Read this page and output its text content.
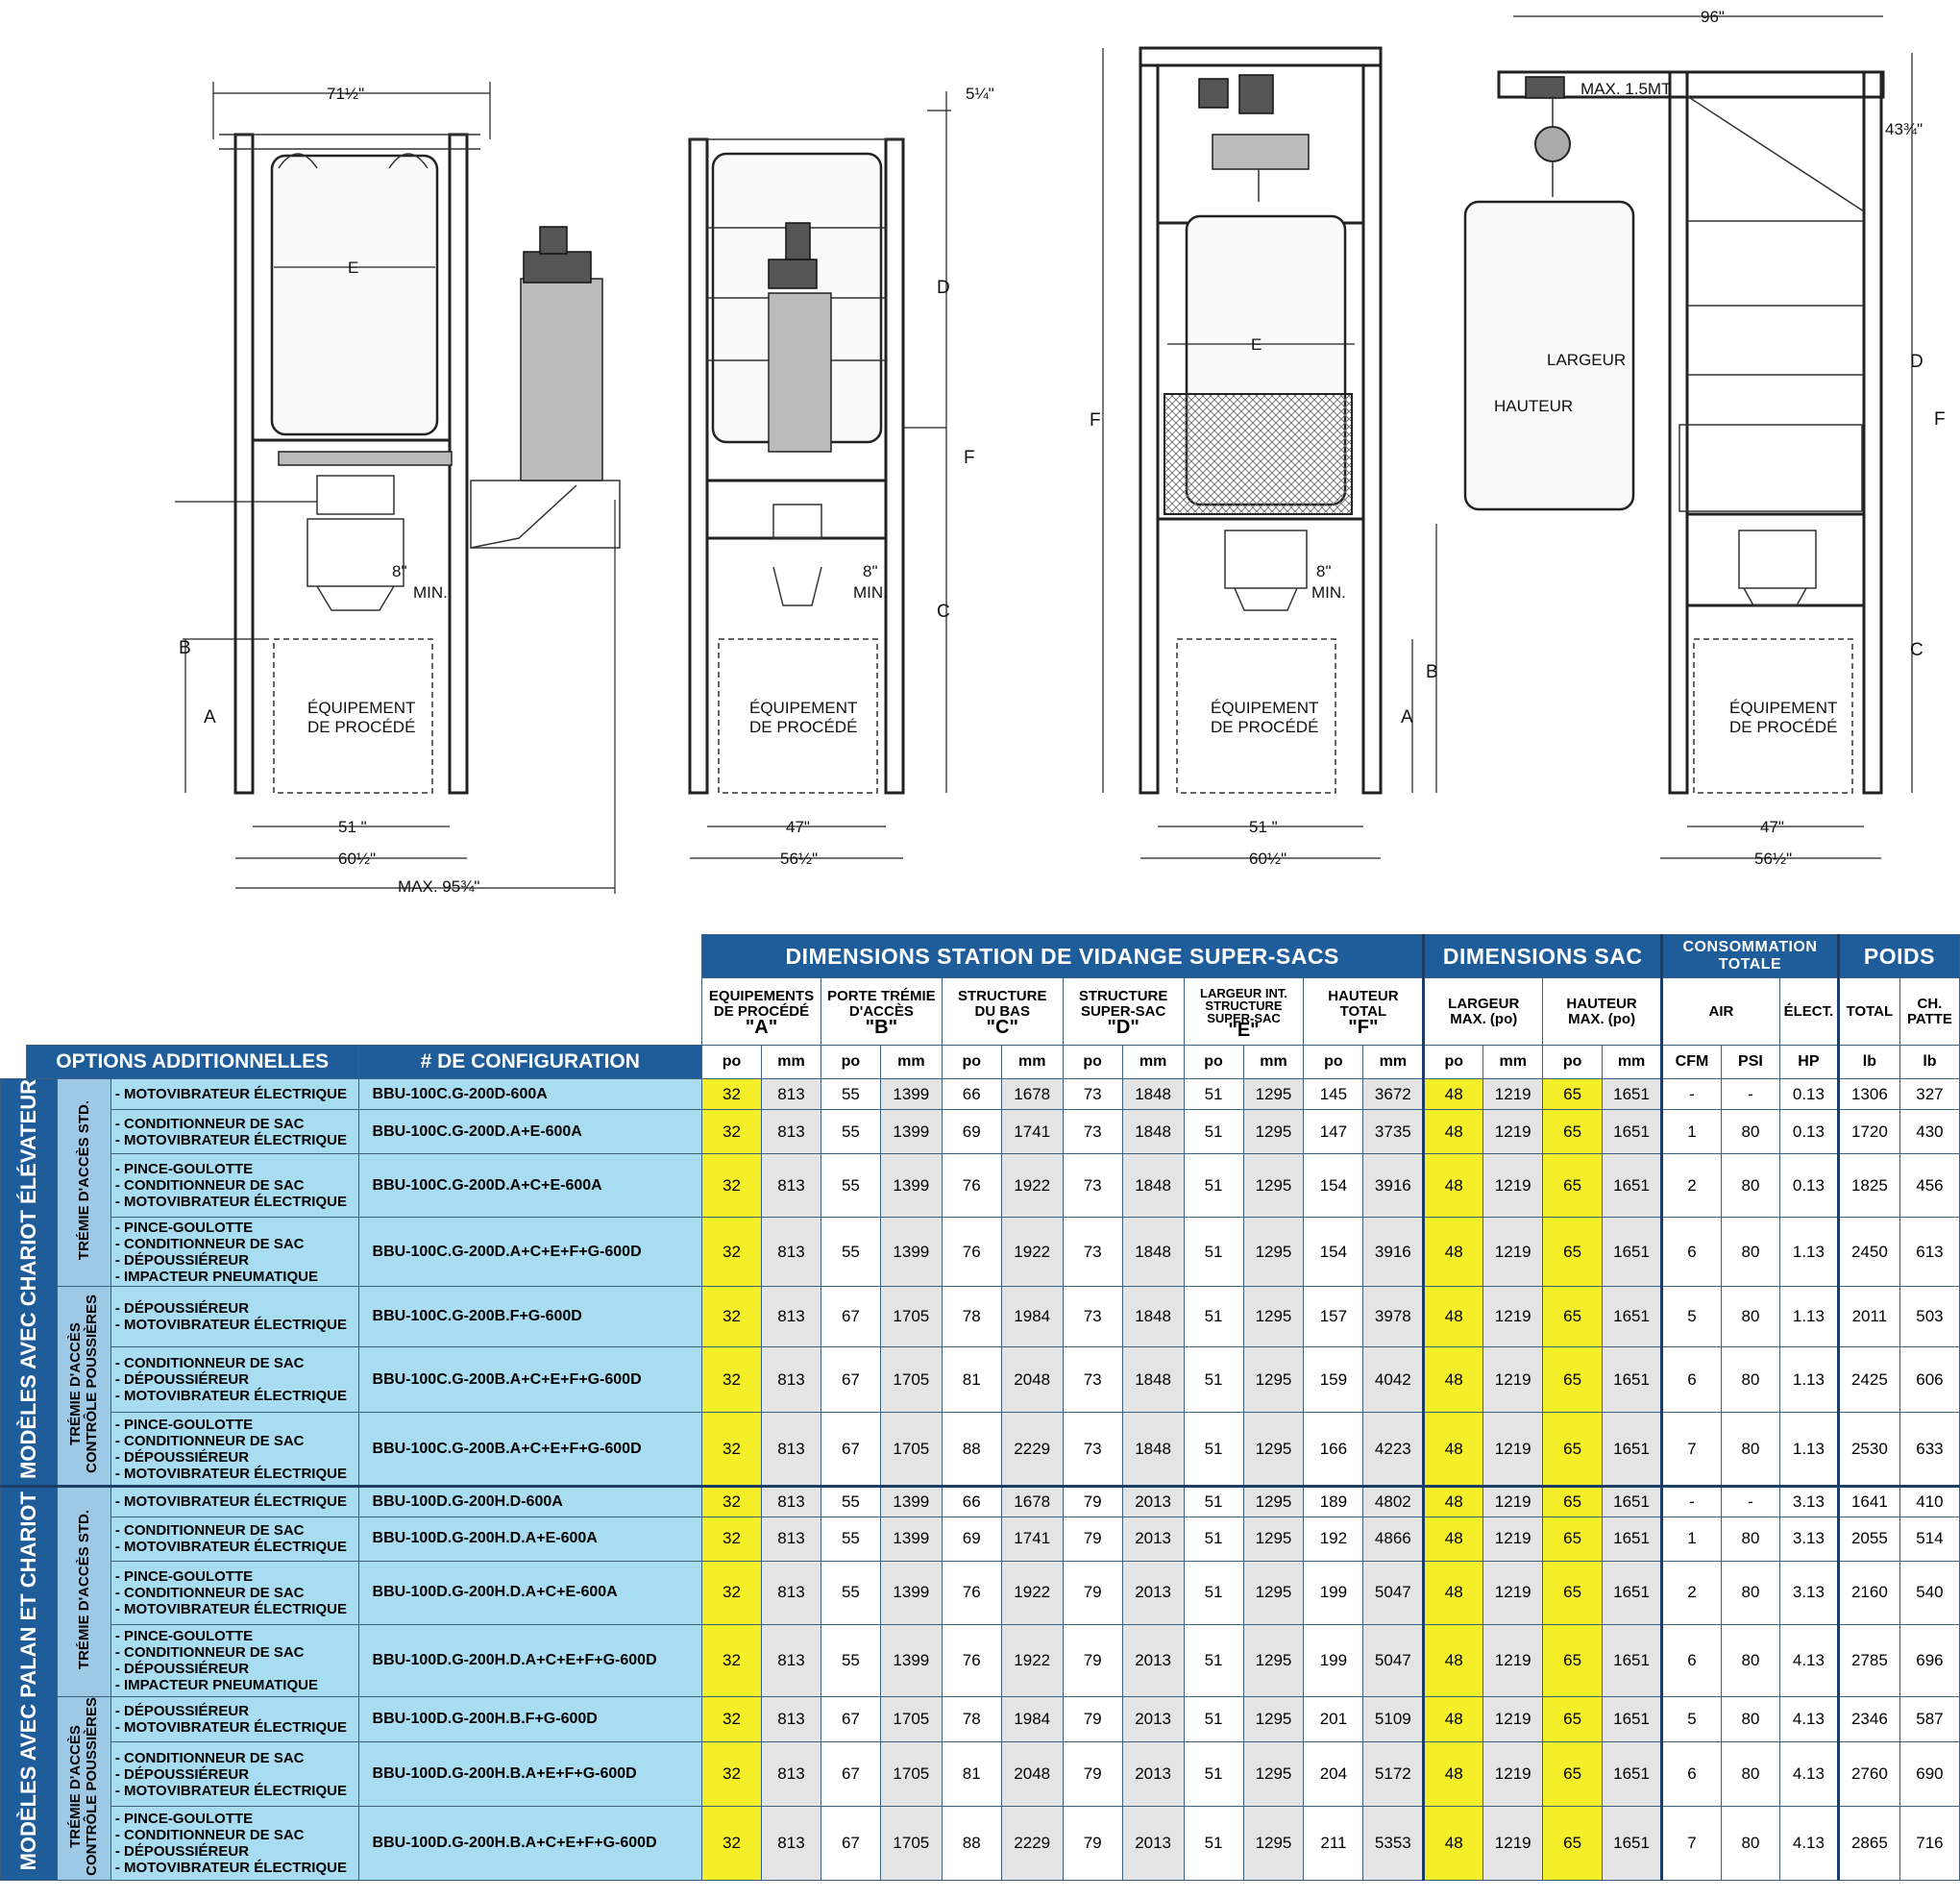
71½"
E
8"
MIN.
ÉQUIPEMENT
DE PROCÉDÉ
A
B
51 "
60½"
MAX. 95¾"
5¼"
8"
MIN.
D
F
C
ÉQUIPEMENT
DE PROCÉDÉ
47"
56½"
E
8"
MIN.
F
ÉQUIPEMENT
DE PROCÉDÉ	A
B
51 "
60½"
96"
MAX. 1.5MT
LARGEUR
HAUTEUR
43¾"
D
F
C
ÉQUIPEMENT
DE PROCÉDÉ
47"
56½"
					DIMENSIONS STATION DE VIDANGE SUPER-SACS												DIMENSIONS SAC				CONSOMMATION TOTALE			POIDS	
					EQUIPEMENTS
DE PROCÉDÉ
"A"		PORTE TRÉMIE
D'ACCÈS
"B"		STRUCTURE
DU BAS
"C"		STRUCTURE
SUPER-SAC
"D"		LARGEUR INT.
STRUCTURE
SUPER-SAC
"E"		HAUTEUR
TOTAL
"F"		LARGEUR
MAX. (po)		HAUTEUR
MAX. (po)		AIR		ÉLECT.	TOTAL	CH.
PATTE
	OPTIONS ADDITIONNELLES			# DE CONFIGURATION	po	mm	po	mm	po	mm	po	mm	po	mm	po	mm	po	mm	po	mm	CFM	PSI	HP	lb	lb
MODÈLES AVEC CHARIOT ÉLÉVATEUR		TRÉMIE D'ACCÈS STD.	- MOTOVIBRATEUR ÉLECTRIQUE	BBU-100C.G-200D-600A	32	813	55	1399	66	1678	73	1848	51	1295	145	3672	48	1219	65	1651	-	-	0.13	1306	327
			- CONDITIONNEUR DE SAC
- MOTOVIBRATEUR ÉLECTRIQUE	BBU-100C.G-200D.A+E-600A	32	813	55	1399	69	1741	73	1848	51	1295	147	3735	48	1219	65	1651	1	80	0.13	1720	430
			- PINCE-GOULOTTE
- CONDITIONNEUR DE SAC
- MOTOVIBRATEUR ÉLECTRIQUE	BBU-100C.G-200D.A+C+E-600A	32	813	55	1399	76	1922	73	1848	51	1295	154	3916	48	1219	65	1651	2	80	0.13	1825	456
			- PINCE-GOULOTTE
- CONDITIONNEUR DE SAC
- DÉPOUSSIÉREUR
- IMPACTEUR PNEUMATIQUE	BBU-100C.G-200D.A+C+E+F+G-600D	32	813	55	1399	76	1922	73	1848	51	1295	154	3916	48	1219	65	1651	6	80	1.13	2450	613
		TRÉMIE D'ACCÈS
CONTRÔLE POUSSIÈRES	- DÉPOUSSIÉREUR
- MOTOVIBRATEUR ÉLECTRIQUE	BBU-100C.G-200B.F+G-600D	32	813	67	1705	78	1984	73	1848	51	1295	157	3978	48	1219	65	1651	5	80	1.13	2011	503
			- CONDITIONNEUR DE SAC
- DÉPOUSSIÉREUR
- MOTOVIBRATEUR ÉLECTRIQUE	BBU-100C.G-200B.A+C+E+F+G-600D	32	813	67	1705	81	2048	73	1848	51	1295	159	4042	48	1219	65	1651	6	80	1.13	2425	606
			- PINCE-GOULOTTE
- CONDITIONNEUR DE SAC
- DÉPOUSSIÉREUR
- MOTOVIBRATEUR ÉLECTRIQUE	BBU-100C.G-200B.A+C+E+F+G-600D	32	813	67	1705	88	2229	73	1848	51	1295	166	4223	48	1219	65	1651	7	80	1.13	2530	633
MODÈLES AVEC PALAN ET CHARIOT		TRÉMIE D'ACCÈS STD.	- MOTOVIBRATEUR ÉLECTRIQUE	BBU-100D.G-200H.D-600A	32	813	55	1399	66	1678	79	2013	51	1295	189	4802	48	1219	65	1651	-	-	3.13	1641	410
			- CONDITIONNEUR DE SAC
- MOTOVIBRATEUR ÉLECTRIQUE	BBU-100D.G-200H.D.A+E-600A	32	813	55	1399	69	1741	79	2013	51	1295	192	4866	48	1219	65	1651	1	80	3.13	2055	514
			- PINCE-GOULOTTE
- CONDITIONNEUR DE SAC
- MOTOVIBRATEUR ÉLECTRIQUE	BBU-100D.G-200H.D.A+C+E-600A	32	813	55	1399	76	1922	79	2013	51	1295	199	5047	48	1219	65	1651	2	80	3.13	2160	540
			- PINCE-GOULOTTE
- CONDITIONNEUR DE SAC
- DÉPOUSSIÉREUR
- IMPACTEUR PNEUMATIQUE	BBU-100D.G-200H.D.A+C+E+F+G-600D	32	813	55	1399	76	1922	79	2013	51	1295	199	5047	48	1219	65	1651	6	80	4.13	2785	696
		TRÉMIE D'ACCÈS
CONTRÔLE POUSSIÈRES	- DÉPOUSSIÉREUR
- MOTOVIBRATEUR ÉLECTRIQUE	BBU-100D.G-200H.B.F+G-600D	32	813	67	1705	78	1984	79	2013	51	1295	201	5109	48	1219	65	1651	5	80	4.13	2346	587
			- CONDITIONNEUR DE SAC
- DÉPOUSSIÉREUR
- MOTOVIBRATEUR ÉLECTRIQUE	BBU-100D.G-200H.B.A+E+F+G-600D	32	813	67	1705	81	2048	79	2013	51	1295	204	5172	48	1219	65	1651	6	80	4.13	2760	690
			- PINCE-GOULOTTE
- CONDITIONNEUR DE SAC
- DÉPOUSSIÉREUR
- MOTOVIBRATEUR ÉLECTRIQUE	BBU-100D.G-200H.B.A+C+E+F+G-600D	32	813	67	1705	88	2229	79	2013	51	1295	211	5353	48	1219	65	1651	7	80	4.13	2865	716
